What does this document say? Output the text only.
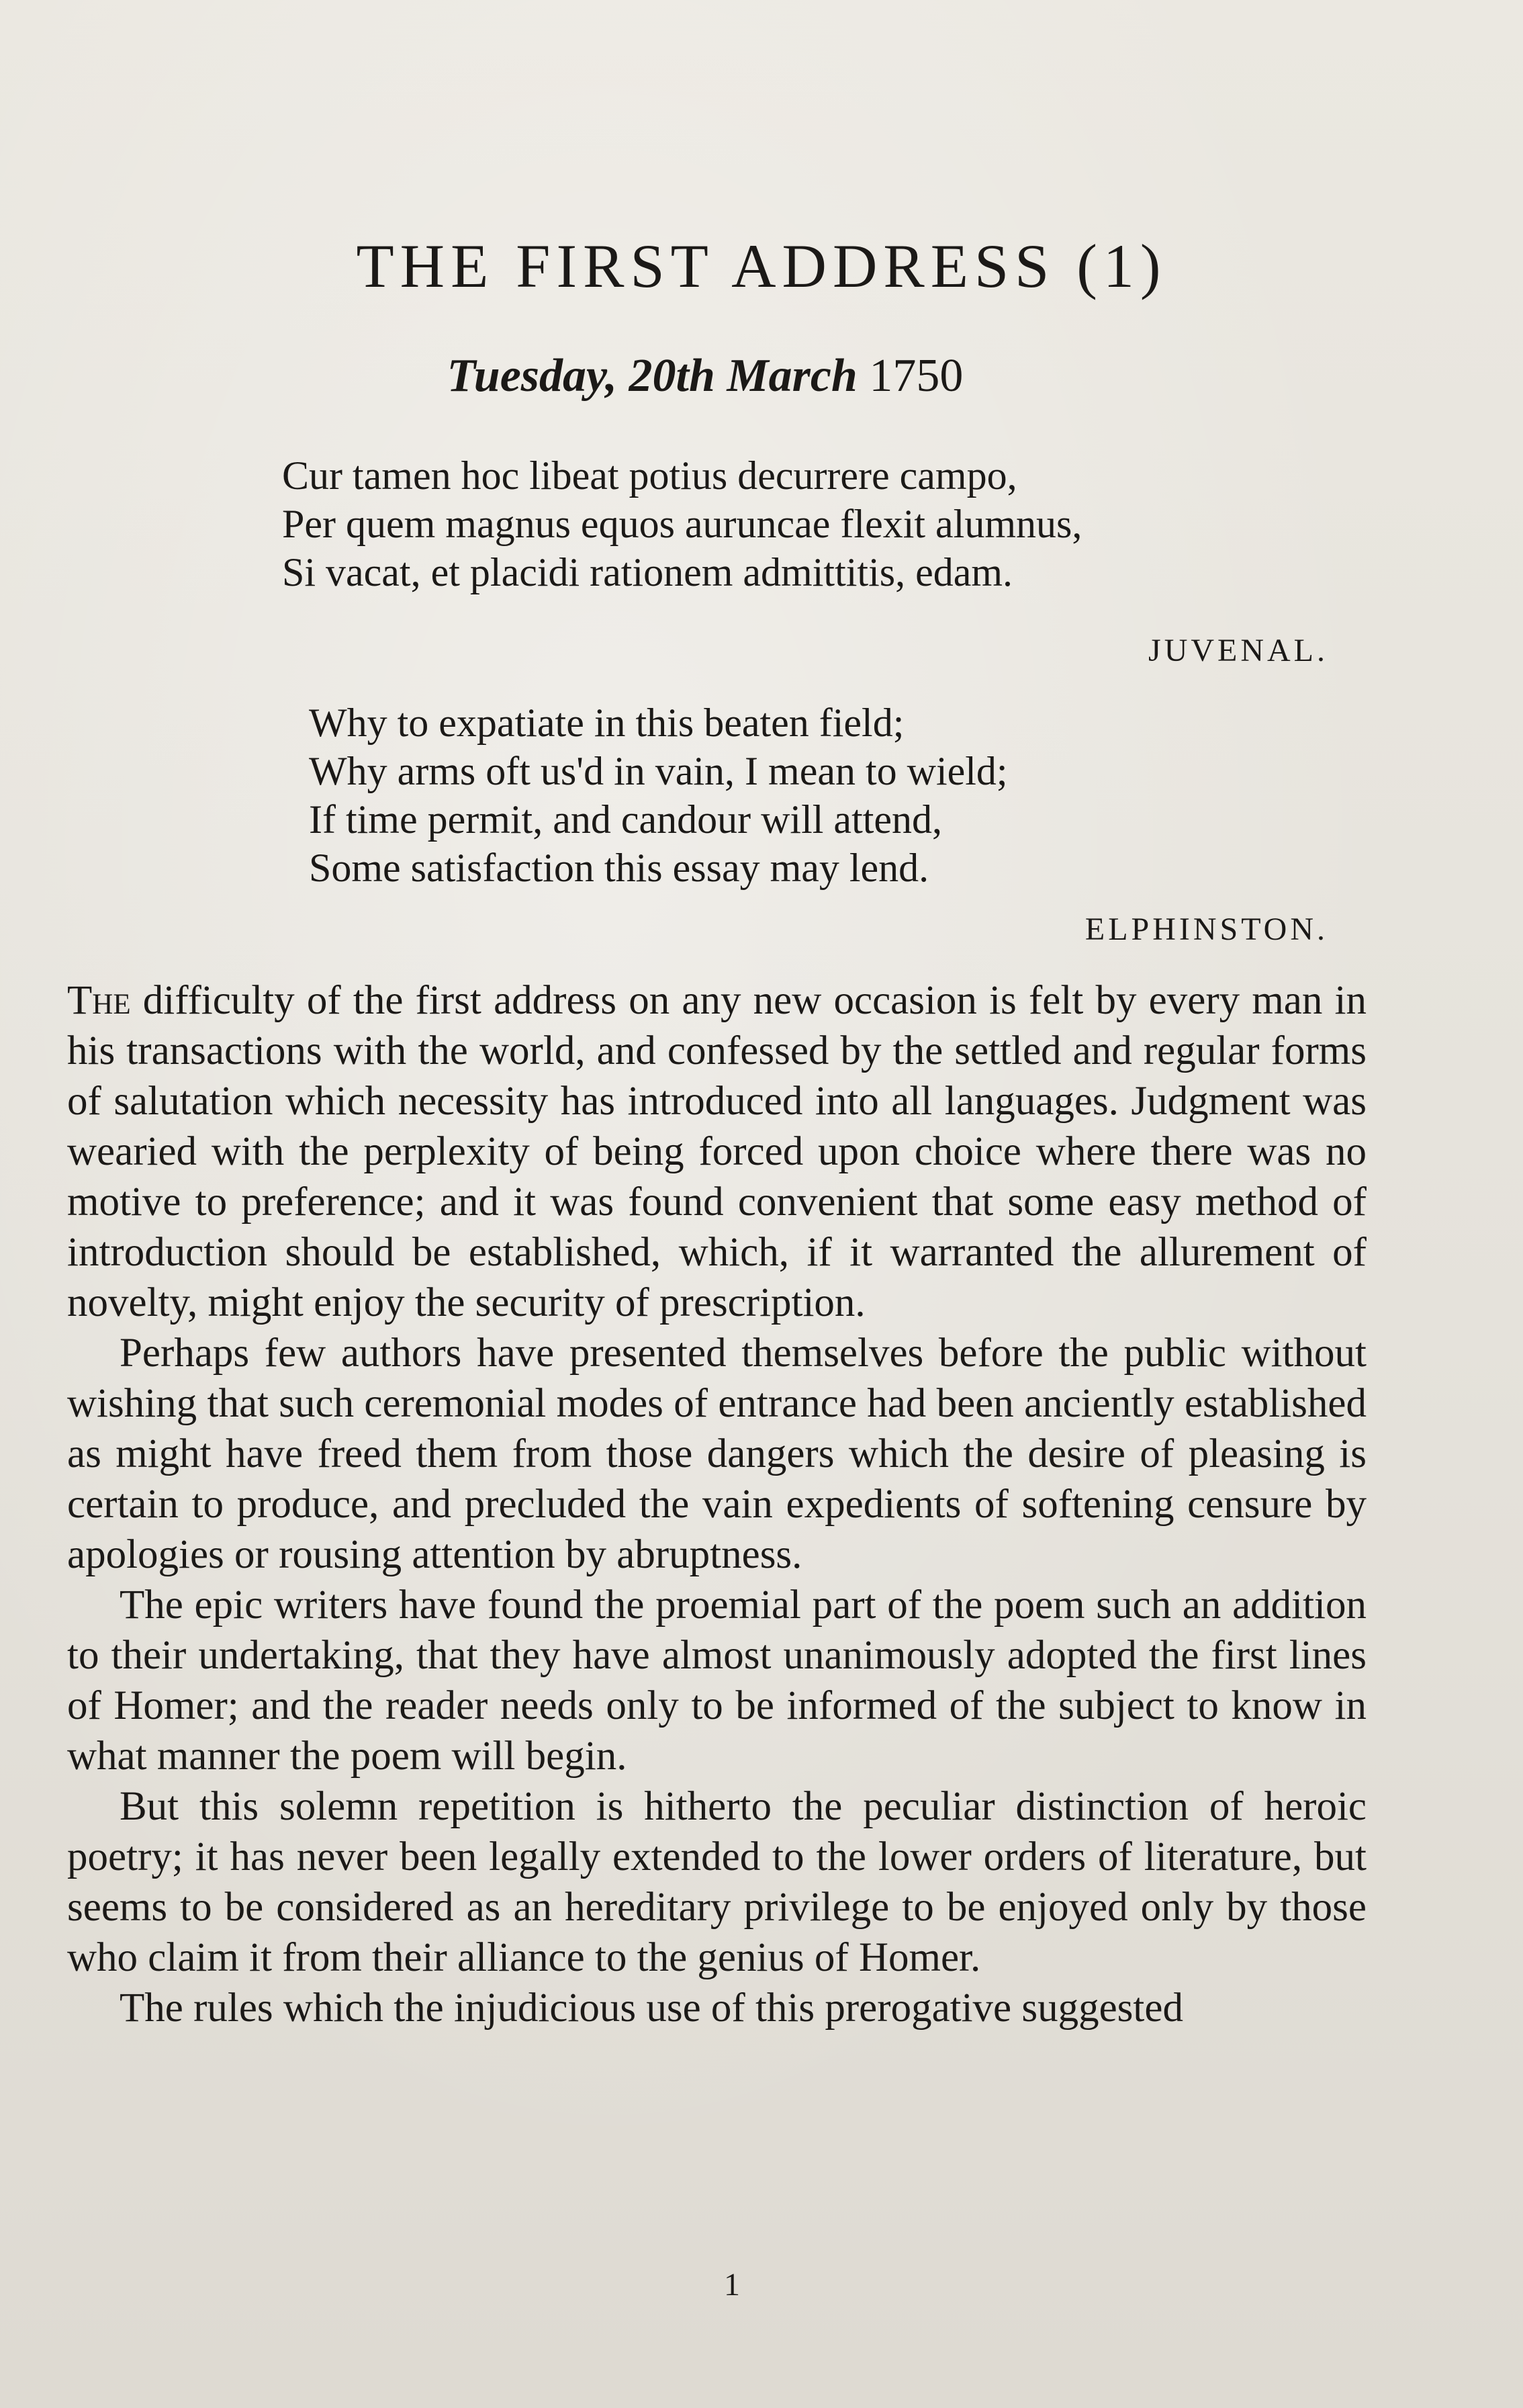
THE FIRST ADDRESS (1)
Tuesday, 20th March 1750
Cur tamen hoc libeat potius decurrere campo,
Per quem magnus equos auruncae flexit alumnus,
Si vacat, et placidi rationem admittitis, edam.
JUVENAL.
Why to expatiate in this beaten field;
Why arms oft us'd in vain, I mean to wield;
If time permit, and candour will attend,
Some satisfaction this essay may lend.
ELPHINSTON.

The difficulty of the first address on any new occasion is felt by every man in his transactions with the world, and confessed by the settled and regular forms of salutation which necessity has introduced into all languages. Judgment was wearied with the perplexity of being forced upon choice where there was no motive to preference; and it was found convenient that some easy method of introduction should be established, which, if it warranted the allurement of novelty, might enjoy the security of prescription.

Perhaps few authors have presented themselves before the public without wishing that such ceremonial modes of entrance had been anciently established as might have freed them from those dangers which the desire of pleasing is certain to produce, and precluded the vain expedients of softening censure by apologies or rousing attention by abruptness.

The epic writers have found the proemial part of the poem such an addition to their undertaking, that they have almost unanimously adopted the first lines of Homer; and the reader needs only to be informed of the subject to know in what manner the poem will begin.

But this solemn repetition is hitherto the peculiar distinction of heroic poetry; it has never been legally extended to the lower orders of literature, but seems to be considered as an hereditary privilege to be enjoyed only by those who claim it from their alliance to the genius of Homer.

The rules which the injudicious use of this prerogative suggested

1
